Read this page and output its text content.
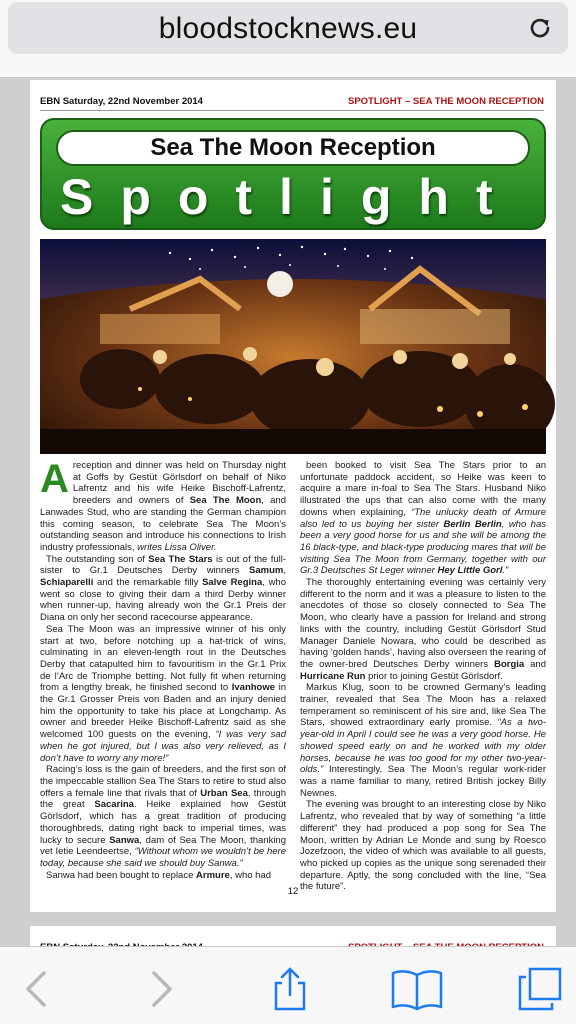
bloodstocknews.eu
EBN Saturday, 22nd November 2014	SPOTLIGHT – SEA THE MOON RECEPTION
Sea The Moon Reception
Spotlight

Areception and dinner was held on Thursday night at Goffs by Gestüt Görlsdorf on behalf of Niko Lafrentz and his wife Heike Bischoff-Lafrentz, breeders and owners of Sea The Moon, and Lanwades Stud, who are standing the German champion this coming season, to celebrate Sea The Moon’s outstanding season and introduce his connections to Irish industry professionals, writes Lissa Oliver.

The outstanding son of Sea The Stars is out of the full-sister to Gr.1 Deutsches Derby winners Samum, Schiaparelli and the remarkable filly Salve Regina, who went so close to giving their dam a third Derby winner when runner-up, having already won the Gr.1 Preis der Diana on only her second racecourse appearance.

Sea The Moon was an impressive winner of his only start at two, before notching up a hat-trick of wins, culminating in an eleven-length rout in the Deutsches Derby that catapulted him to favouritism in the Gr.1 Prix de l’Arc de Triomphe betting. Not fully fit when returning from a lengthy break, he finished second to Ivanhowe in the Gr.1 Grosser Preis von Baden and an injury denied him the opportunity to take his place at Longchamp. As owner and breeder Heike Bischoff-Lafrentz said as she welcomed 100 guests on the evening, “I was very sad when he got injured, but I was also very relieved, as I don’t have to worry any more!”

Racing’s loss is the gain of breeders, and the first son of the impeccable stallion Sea The Stars to retire to stud also offers a female line that rivals that of Urban Sea, through the great Sacarina. Heike explained how Gestüt Görlsdorf, which has a great tradition of producing thoroughbreds, dating right back to imperial times, was lucky to secure Sanwa, dam of Sea The Moon, thanking vet Ietie Leendeertse, “Without whom we wouldn’t be here today, because she said we should buy Sanwa.”

Sanwa had been bought to replace Armure, who had

been booked to visit Sea The Stars prior to an unfortunate paddock accident, so Heike was keen to acquire a mare in-foal to Sea The Stars. Husband Niko illustrated the ups that can also come with the many downs when explaining, “The unlucky death of Armure also led to us buying her sister Berlin Berlin, who has been a very good horse for us and she will be among the 16 black-type, and black-type producing mares that will be visiting Sea The Moon from Germany, together with our Gr.3 Deutsches St Leger winner Hey Little Gorl.”

The thoroughly entertaining evening was certainly very different to the norm and it was a pleasure to listen to the anecdotes of those so closely connected to Sea The Moon, who clearly have a passion for Ireland and strong links with the country, including Gestüt Görlsdorf Stud Manager Daniele Nowara, who could be described as having ‘golden hands’, having also overseen the rearing of the owner-bred Deutsches Derby winners Borgia and Hurricane Run prior to joining Gestüt Görlsdorf.

Markus Klug, soon to be crowned Germany’s leading trainer, revealed that Sea The Moon has a relaxed temperament so reminiscent of his sire and, like Sea The Stars, showed extraordinary early promise. “As a two-year-old in April I could see he was a very good horse. He showed speed early on and he worked with my older horses, because he was too good for my other two-year-olds.” Interestingly, Sea The Moon’s regular work-rider was a name familiar to many, retired British jockey Billy Newnes.

The evening was brought to an interesting close by Niko Lafrentz, who revealed that by way of something “a little different” they had produced a pop song for Sea The Moon, written by Adrian Le Monde and sung by Roesco Jozefzoon, the video of which was available to all guests, who picked up copies as the unique song serenaded their departure. Aptly, the song concluded with the line, “Sea the future”.

12
